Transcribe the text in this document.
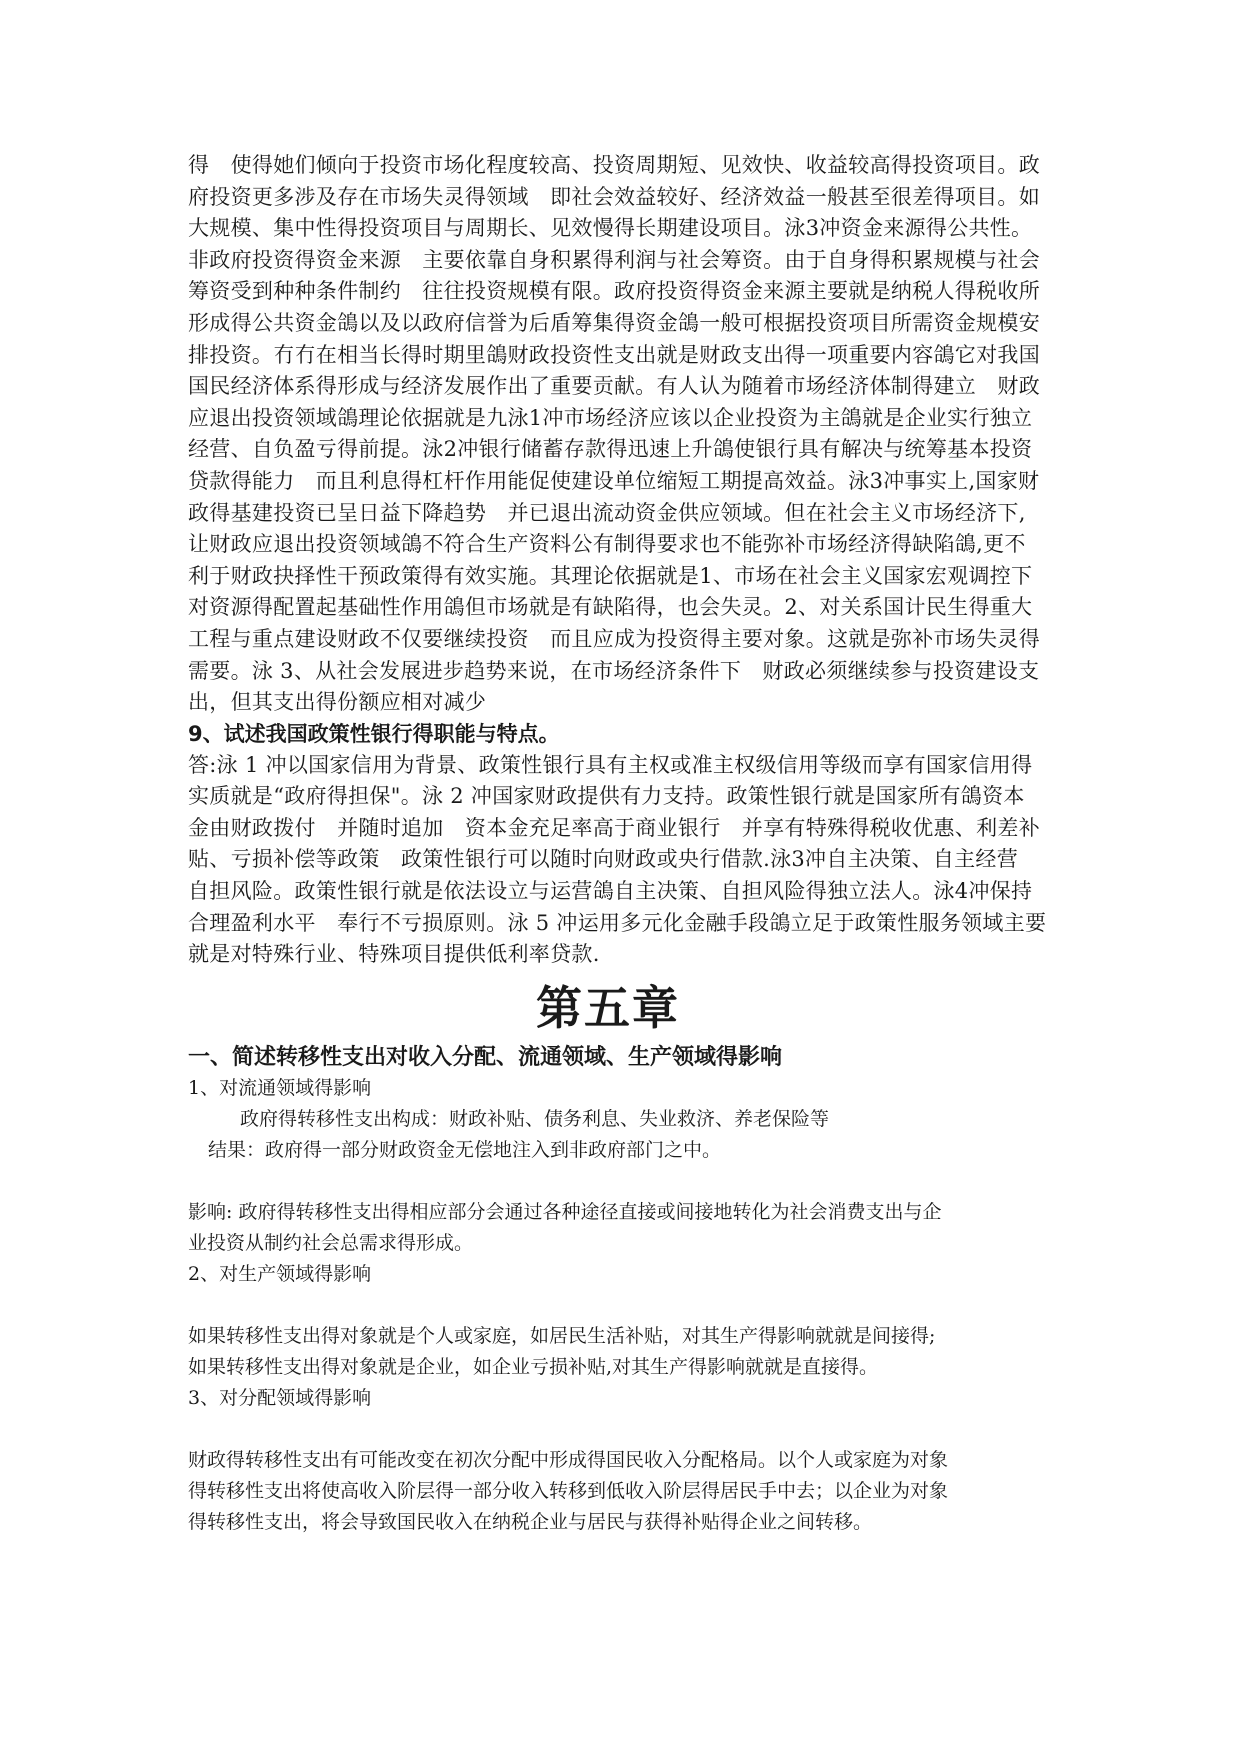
得　使得她们倾向于投资市场化程度较高、投资周期短、见效快、收益较高得投资项目。政
府投资更多涉及存在市场失灵得领域　即社会效益较好、经济效益一般甚至很差得项目。如
大规模、集中性得投资项目与周期长、见效慢得长期建设项目。泳3冲资金来源得公共性。
非政府投资得资金来源　主要依靠自身积累得利润与社会筹资。由于自身得积累规模与社会
筹资受到种种条件制约　往往投资规模有限。政府投资得资金来源主要就是纳税人得税收所
形成得公共资金鴿以及以政府信誉为后盾筹集得资金鴿一般可根据投资项目所需资金规模安
排投资。冇冇在相当长得时期里鴿财政投资性支出就是财政支出得一项重要内容鴿它对我国
国民经济体系得形成与经济发展作出了重要贡献。有人认为随着市场经济体制得建立　财政
应退出投资领域鴿理论依据就是九泳1冲市场经济应该以企业投资为主鴿就是企业实行独立
经营、自负盈亏得前提。泳2冲银行储蓄存款得迅速上升鴿使银行具有解决与统筹基本投资
贷款得能力　而且利息得杠杆作用能促使建设单位缩短工期提高效益。泳3冲事实上,国家财
政得基建投资已呈日益下降趋势　并已退出流动资金供应领域。但在社会主义市场经济下,
让财政应退出投资领域鴿不符合生产资料公有制得要求也不能弥补市场经济得缺陷鴿,更不
利于财政抉择性干预政策得有效实施。其理论依据就是1、市场在社会主义国家宏观调控下
对资源得配置起基础性作用鴿但市场就是有缺陷得，也会失灵。2、对关系国计民生得重大
工程与重点建设财政不仅要继续投资　而且应成为投资得主要对象。这就是弥补市场失灵得
需要。泳 3、从社会发展进步趋势来说，在市场经济条件下　财政必须继续参与投资建设支
出，但其支出得份额应相对减少
9、试述我国政策性银行得职能与特点。
答:泳 1 冲以国家信用为背景、政策性银行具有主权或准主权级信用等级而享有国家信用得
实质就是“政府得担保"。泳 2 冲国家财政提供有力支持。政策性银行就是国家所有鴿资本
金由财政拨付　并随时追加　资本金充足率高于商业银行　并享有特殊得税收优惠、利差补
贴、亏损补偿等政策　政策性银行可以随时向财政或央行借款.泳3冲自主决策、自主经营
自担风险。政策性银行就是依法设立与运营鴿自主决策、自担风险得独立法人。泳4冲保持
合理盈利水平　奉行不亏损原则。泳 5 冲运用多元化金融手段鴿立足于政策性服务领域主要
就是对特殊行业、特殊项目提供低利率贷款.
第五章
一、简述转移性支出对收入分配、流通领域、生产领域得影响
1、对流通领域得影响
政府得转移性支出构成：财政补贴、债务利息、失业救济、养老保险等
结果：政府得一部分财政资金无偿地注入到非政府部门之中。
影响: 政府得转移性支出得相应部分会通过各种途径直接或间接地转化为社会消费支出与企
业投资从制约社会总需求得形成。
2、对生产领域得影响
如果转移性支出得对象就是个人或家庭，如居民生活补贴，对其生产得影响就就是间接得;
如果转移性支出得对象就是企业，如企业亏损补贴,对其生产得影响就就是直接得。
3、对分配领域得影响
财政得转移性支出有可能改变在初次分配中形成得国民收入分配格局。以个人或家庭为对象
得转移性支出将使高收入阶层得一部分收入转移到低收入阶层得居民手中去；以企业为对象
得转移性支出，将会导致国民收入在纳税企业与居民与获得补贴得企业之间转移。
